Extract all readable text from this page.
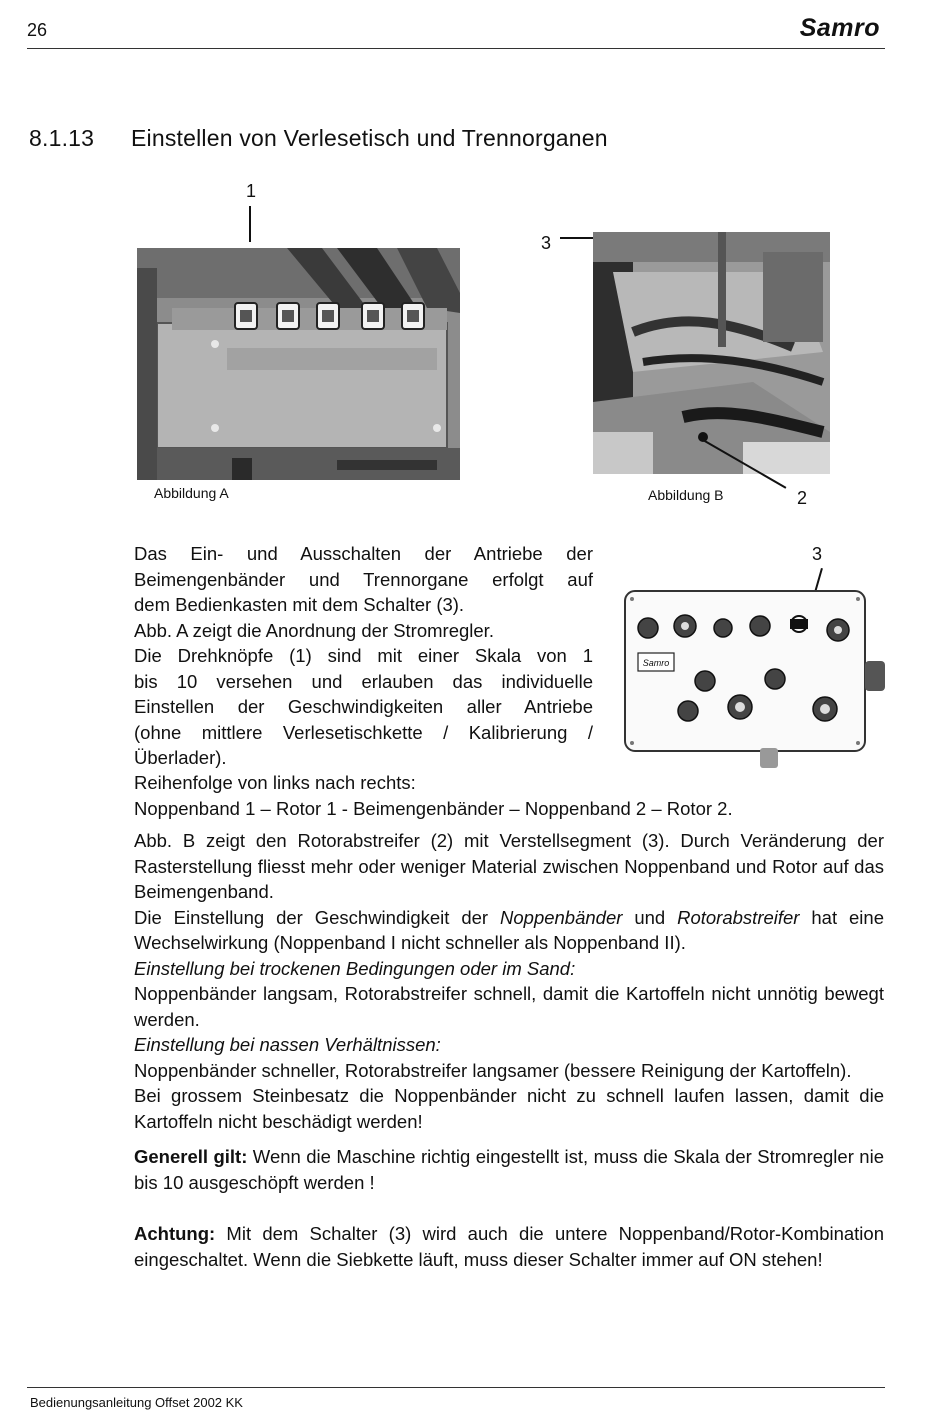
26	Samro
8.1.13 Einstellen von Verlesetisch und Trennorganen
1
Abbildung A
3
Abbildung B	2
3
Samro

Das Ein- und Ausschalten der Antriebe der

Beimengenbänder und Trennorgane erfolgt auf

dem Bedienkasten mit dem Schalter (3).

Abb. A zeigt die Anordnung der Stromregler.

Die Drehknöpfe (1) sind mit einer Skala von 1

bis 10 versehen und erlauben das individuelle

Einstellen der Geschwindigkeiten aller Antriebe

(ohne mittlere Verlesetischkette / Kalibrierung /

Überlader).

Reihenfolge von links nach rechts:

Noppenband 1 – Rotor 1 - Beimengenbänder – Noppenband 2 – Rotor 2.

Abb. B zeigt den Rotorabstreifer (2) mit Verstellsegment (3). Durch Veränderung der Rasterstellung fliesst mehr oder weniger Material zwischen Noppenband und Rotor auf das Beimengenband.

Die Einstellung der Geschwindigkeit der Noppenbänder und Rotorabstreifer hat eine Wechselwirkung (Noppenband I nicht schneller als Noppenband II).

Einstellung bei trockenen Bedingungen oder im Sand:

Noppenbänder langsam, Rotorabstreifer schnell, damit die Kartoffeln nicht unnötig bewegt werden.

Einstellung bei nassen Verhältnissen:

Noppenbänder schneller, Rotorabstreifer langsamer (bessere Reinigung der Kartoffeln).

Bei grossem Steinbesatz die Noppenbänder nicht zu schnell laufen lassen, damit die Kartoffeln nicht beschädigt werden!

Generell gilt: Wenn die Maschine richtig eingestellt ist, muss die Skala der Stromregler nie bis 10 ausgeschöpft werden !

Achtung: Mit dem Schalter (3) wird auch die untere Noppenband/Rotor-Kombination eingeschaltet. Wenn die Siebkette läuft, muss dieser Schalter immer auf ON stehen!

Bedienungsanleitung Offset 2002 KK
